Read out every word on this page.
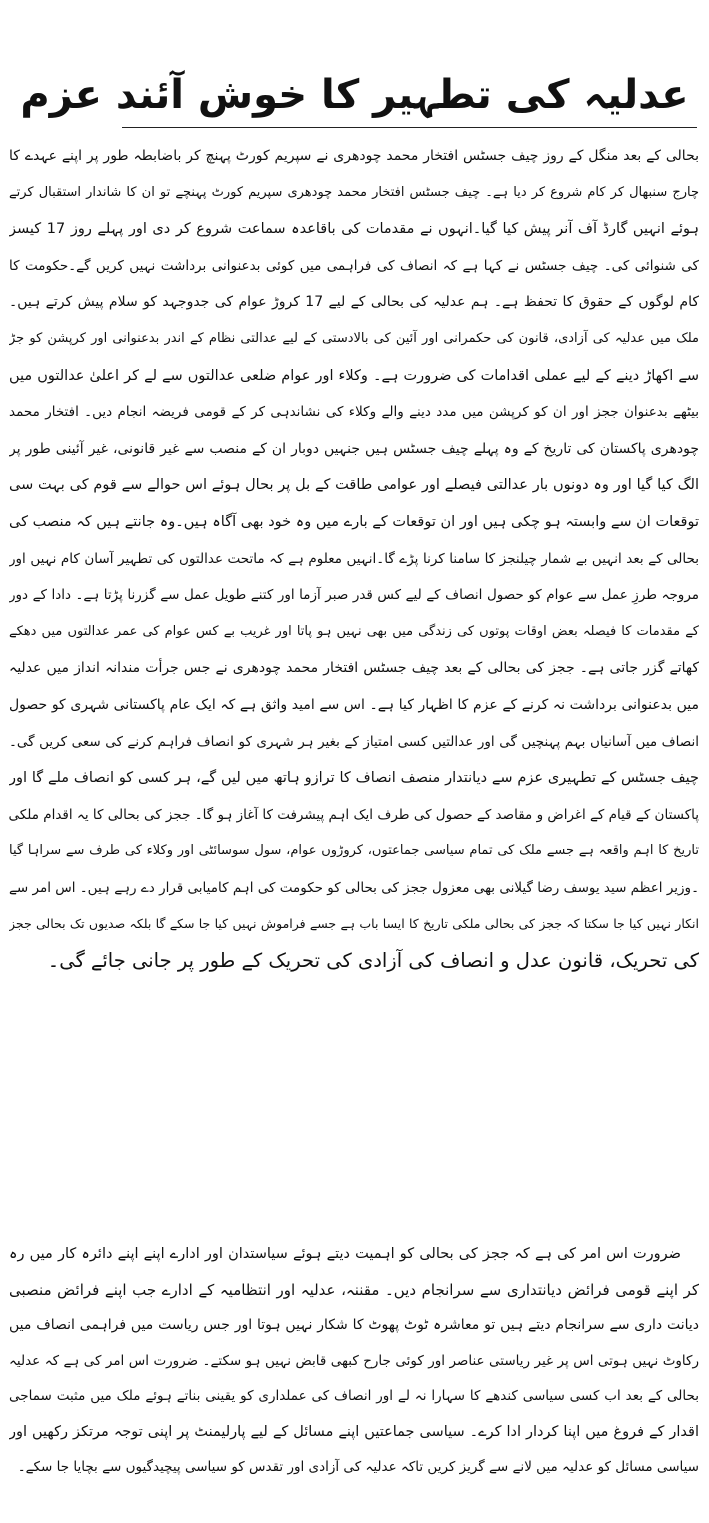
عدلیہ کی تطہیر کا خوش آئند عزم
بحالی کے بعد منگل کے روز چیف جسٹس افتخار محمد چودھری نے سپریم کورٹ پہنچ کر باضابطہ طور پر اپنے عہدے کا
چارج سنبھال کر کام شروع کر دیا ہے۔ چیف جسٹس افتخار محمد چودھری سپریم کورٹ پہنچے تو ان کا شاندار استقبال کرتے
ہوئے انہیں گارڈ آف آنر پیش کیا گیا۔انہوں نے مقدمات کی باقاعدہ سماعت شروع کر دی اور پہلے روز 17 کیسز
کی شنوائی کی۔ چیف جسٹس نے کہا ہے کہ انصاف کی فراہمی میں کوئی بدعنوانی برداشت نہیں کریں گے۔حکومت کا
کام لوگوں کے حقوق کا تحفظ ہے۔ ہم عدلیہ کی بحالی کے لیے 17 کروڑ عوام کی جدوجہد کو سلام پیش کرتے ہیں۔
ملک میں عدلیہ کی آزادی، قانون کی حکمرانی اور آئین کی بالادستی کے لیے عدالتی نظام کے اندر بدعنوانی اور کرپشن کو جڑ
سے اکھاڑ دینے کے لیے عملی اقدامات کی ضرورت ہے۔ وکلاء اور عوام ضلعی عدالتوں سے لے کر اعلیٰ عدالتوں میں
بیٹھے بدعنوان ججز اور ان کو کرپشن میں مدد دینے والے وکلاء کی نشاندہی کر کے قومی فریضہ انجام دیں۔ افتخار محمد
چودھری پاکستان کی تاریخ کے وہ پہلے چیف جسٹس ہیں جنہیں دوبار ان کے منصب سے غیر قانونی، غیر آئینی طور پر
الگ کیا گیا اور وہ دونوں بار عدالتی فیصلے اور عوامی طاقت کے بل پر بحال ہوئے اس حوالے سے قوم کی بہت سی
توقعات ان سے وابستہ ہو چکی ہیں اور ان توقعات کے بارے میں وہ خود بھی آگاہ ہیں۔وہ جانتے ہیں کہ منصب کی
بحالی کے بعد انہیں بے شمار چیلنجز کا سامنا کرنا پڑے گا۔انہیں معلوم ہے کہ ماتحت عدالتوں کی تطہیر آسان کام نہیں اور
مروجہ طرزِ عمل سے عوام کو حصول انصاف کے لیے کس قدر صبر آزما اور کتنے طویل عمل سے گزرنا پڑتا ہے۔ دادا کے دور
کے مقدمات کا فیصلہ بعض اوقات پوتوں کی زندگی میں بھی نہیں ہو پاتا اور غریب بے کس عوام کی عمر عدالتوں میں دھکے
کھاتے گزر جاتی ہے۔ ججز کی بحالی کے بعد چیف جسٹس افتخار محمد چودھری نے جس جرأت مندانہ انداز میں عدلیہ
میں بدعنوانی برداشت نہ کرنے کے عزم کا اظہار کیا ہے۔ اس سے امید واثق ہے کہ ایک عام پاکستانی شہری کو حصول
انصاف میں آسانیاں بہم پہنچیں گی اور عدالتیں کسی امتیاز کے بغیر ہر شہری کو انصاف فراہم کرنے کی سعی کریں گی۔
چیف جسٹس کے تطہیری عزم سے دیانتدار منصف انصاف کا ترازو ہاتھ میں لیں گے، ہر کسی کو انصاف ملے گا اور
پاکستان کے قیام کے اغراض و مقاصد کے حصول کی طرف ایک اہم پیشرفت کا آغاز ہو گا۔ ججز کی بحالی کا یہ اقدام ملکی
تاریخ کا اہم واقعہ ہے جسے ملک کی تمام سیاسی جماعتوں، کروڑوں عوام، سول سوسائٹی اور وکلاء کی طرف سے سراہا گیا
۔وزیر اعظم سید یوسف رضا گیلانی بھی معزول ججز کی بحالی کو حکومت کی اہم کامیابی قرار دے رہے ہیں۔ اس امر سے
انکار نہیں کیا جا سکتا کہ ججز کی بحالی ملکی تاریخ کا ایسا باب ہے جسے فراموش نہیں کیا جا سکے گا بلکہ صدیوں تک بحالی ججز
کی تحریک، قانون عدل و انصاف کی آزادی کی تحریک کے طور پر جانی جائے گی۔
ضرورت اس امر کی ہے کہ ججز کی بحالی کو اہمیت دیتے ہوئے سیاستدان اور ادارے اپنے اپنے دائرہ کار میں رہ
کر اپنے قومی فرائض دیانتداری سے سرانجام دیں۔ مقننہ، عدلیہ اور انتظامیہ کے ادارے جب اپنے فرائض منصبی
دیانت داری سے سرانجام دیتے ہیں تو معاشرہ ٹوٹ پھوٹ کا شکار نہیں ہوتا اور جس ریاست میں فراہمی انصاف میں
رکاوٹ نہیں ہوتی اس پر غیر ریاستی عناصر اور کوئی جارح کبھی قابض نہیں ہو سکتے۔ ضرورت اس امر کی ہے کہ عدلیہ
بحالی کے بعد اب کسی سیاسی کندھے کا سہارا نہ لے اور انصاف کی عملداری کو یقینی بناتے ہوئے ملک میں مثبت سماجی
اقدار کے فروغ میں اپنا کردار ادا کرے۔ سیاسی جماعتیں اپنے مسائل کے لیے پارلیمنٹ پر اپنی توجہ مرتکز رکھیں اور
سیاسی مسائل کو عدلیہ میں لانے سے گریز کریں تاکہ عدلیہ کی آزادی اور تقدس کو سیاسی پیچیدگیوں سے بچایا جا سکے۔
